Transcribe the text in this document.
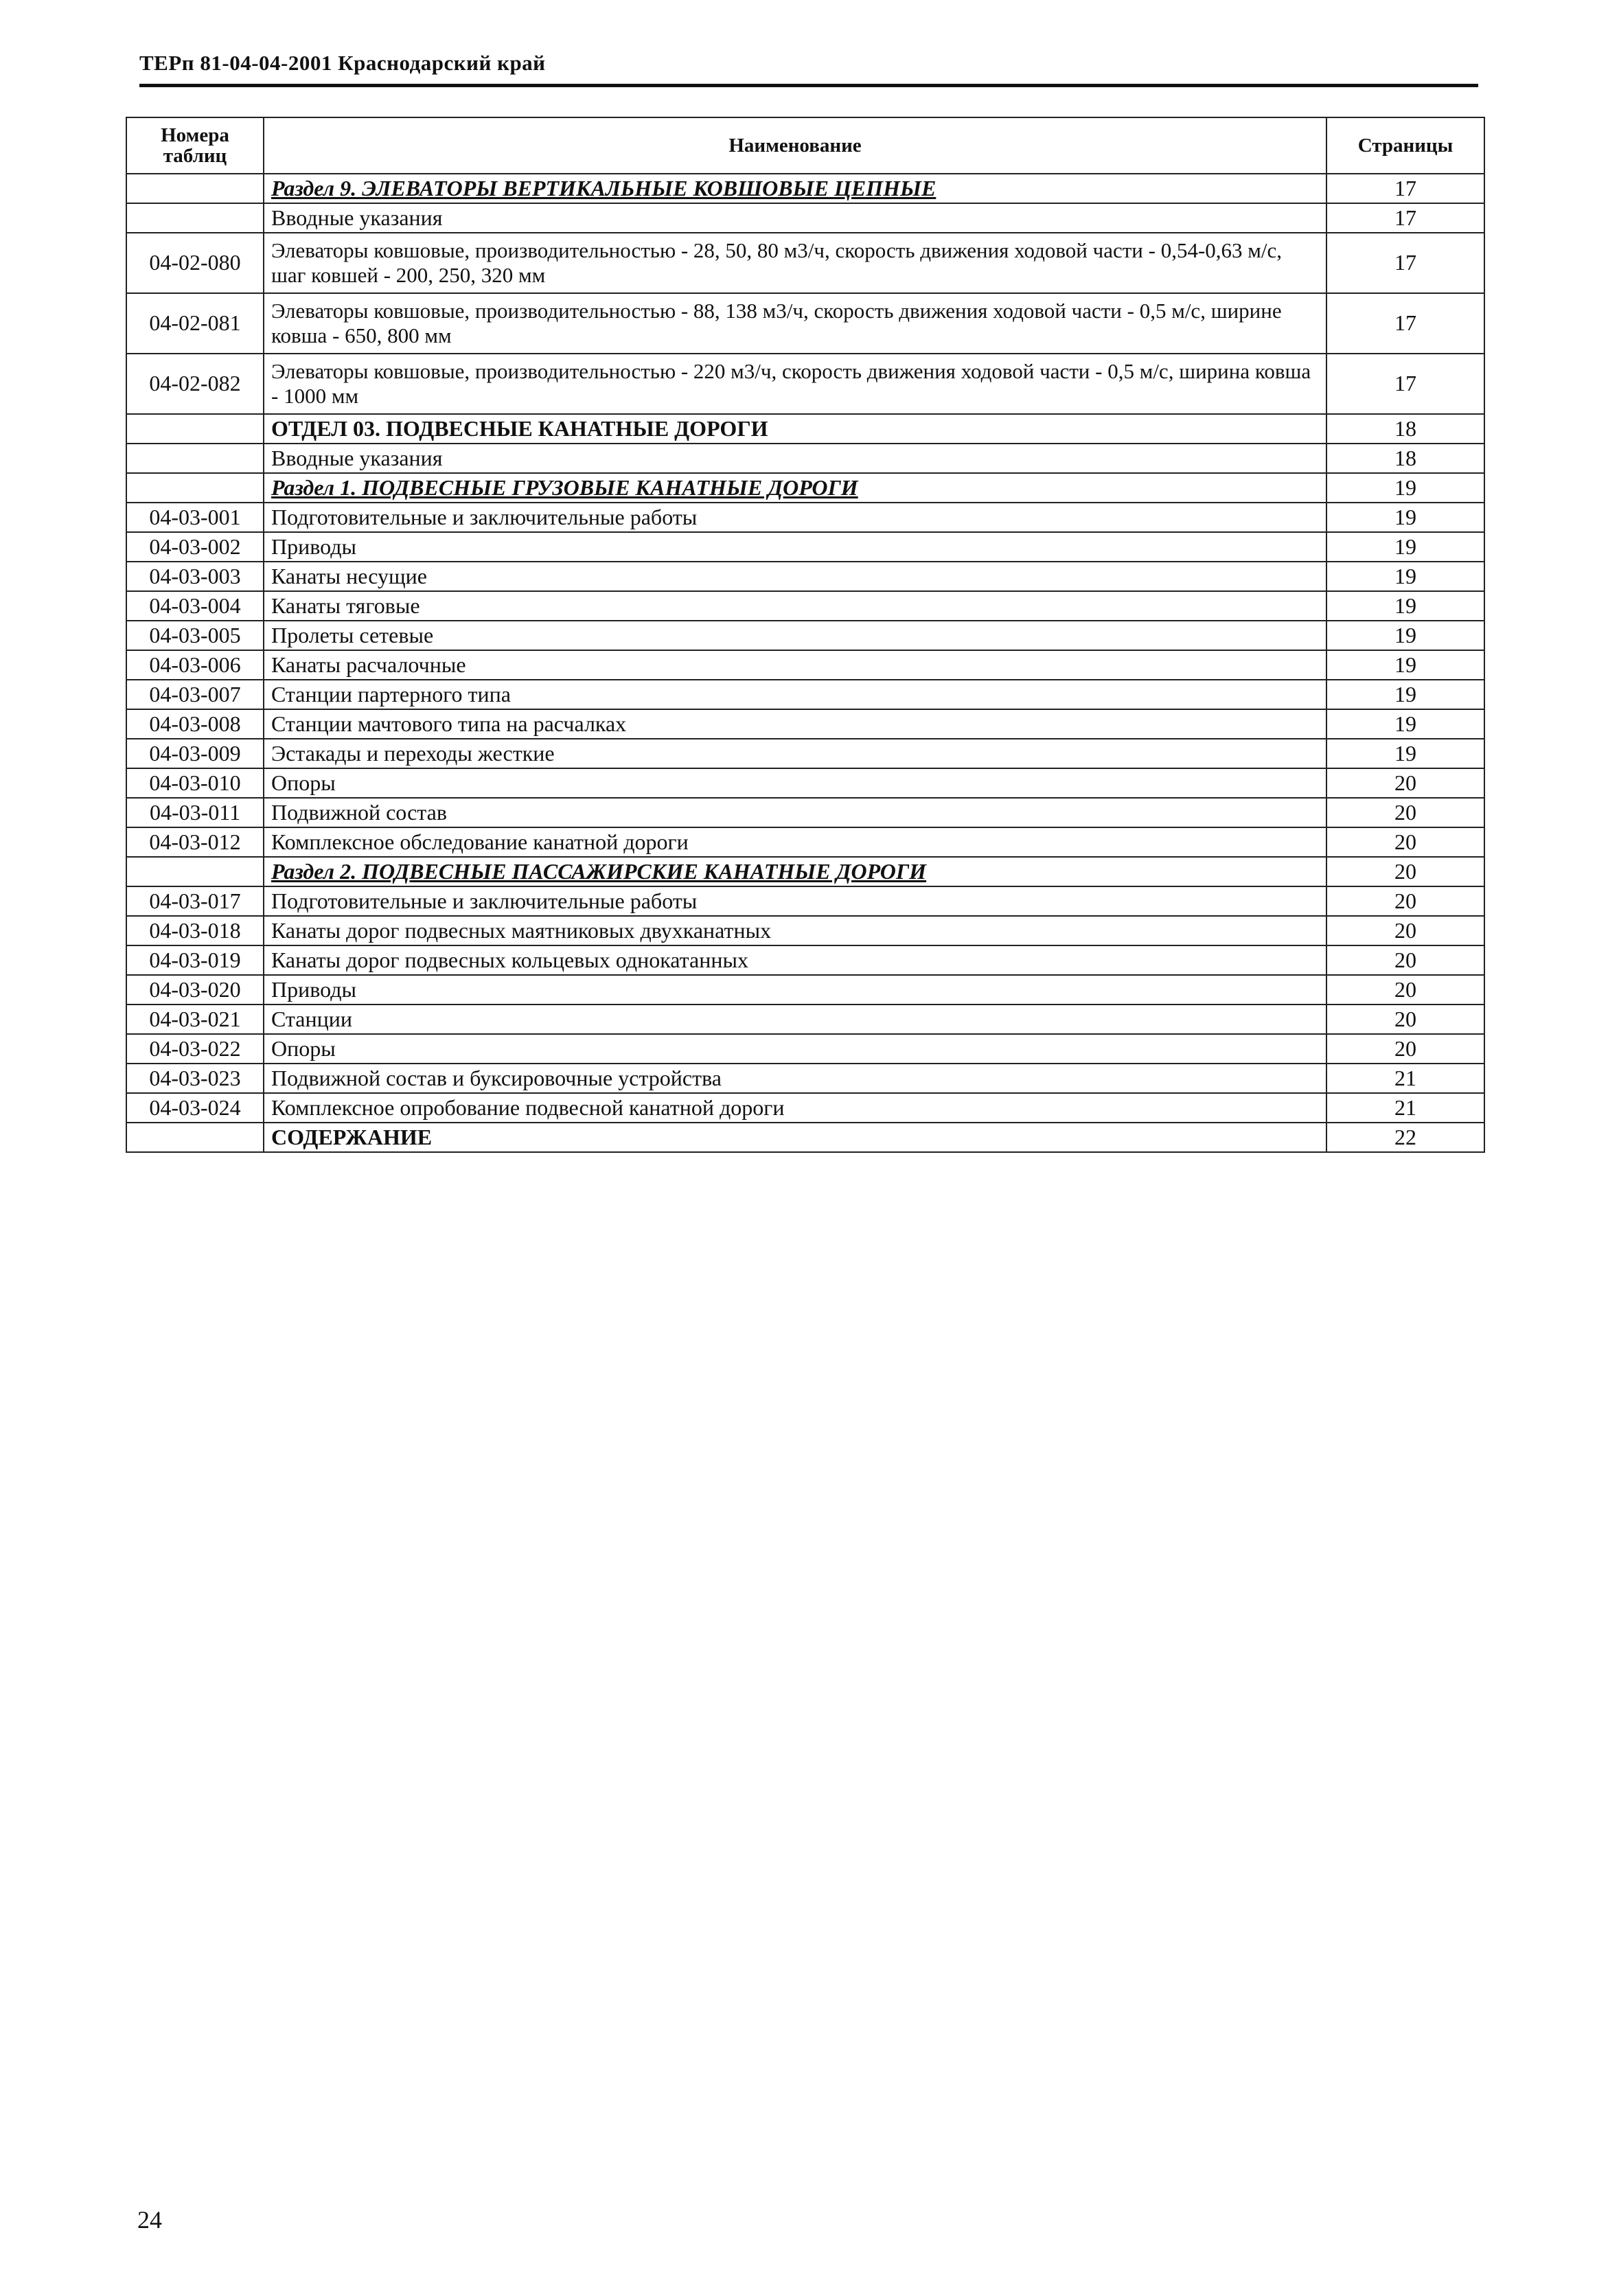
ТЕРп 81-04-04-2001 Краснодарский край
Номера таблиц	Наименование	Страницы
	Раздел 9. ЭЛЕВАТОРЫ ВЕРТИКАЛЬНЫЕ КОВШОВЫЕ ЦЕПНЫЕ	17
	Вводные указания	17
04-02-080	Элеваторы ковшовые, производительностью - 28, 50, 80 м3/ч, скорость движения ходовой части - 0,54-0,63 м/с, шаг ковшей - 200, 250, 320 мм	17
04-02-081	Элеваторы ковшовые, производительностью - 88, 138 м3/ч, скорость движения ходовой части - 0,5 м/с, ширине ковша - 650, 800 мм	17
04-02-082	Элеваторы ковшовые, производительностью - 220 м3/ч, скорость движения ходовой части - 0,5 м/с, ширина ковша - 1000 мм	17
	ОТДЕЛ 03. ПОДВЕСНЫЕ КАНАТНЫЕ ДОРОГИ	18
	Вводные указания	18
	Раздел 1. ПОДВЕСНЫЕ ГРУЗОВЫЕ КАНАТНЫЕ ДОРОГИ	19
04-03-001	Подготовительные и заключительные работы	19
04-03-002	Приводы	19
04-03-003	Канаты несущие	19
04-03-004	Канаты тяговые	19
04-03-005	Пролеты сетевые	19
04-03-006	Канаты расчалочные	19
04-03-007	Станции партерного типа	19
04-03-008	Станции мачтового типа на расчалках	19
04-03-009	Эстакады и переходы жесткие	19
04-03-010	Опоры	20
04-03-011	Подвижной состав	20
04-03-012	Комплексное обследование канатной дороги	20
	Раздел 2. ПОДВЕСНЫЕ ПАССАЖИРСКИЕ КАНАТНЫЕ ДОРОГИ	20
04-03-017	Подготовительные и заключительные работы	20
04-03-018	Канаты дорог подвесных маятниковых двухканатных	20
04-03-019	Канаты дорог подвесных кольцевых однокатанных	20
04-03-020	Приводы	20
04-03-021	Станции	20
04-03-022	Опоры	20
04-03-023	Подвижной состав и буксировочные устройства	21
04-03-024	Комплексное опробование подвесной канатной дороги	21
	СОДЕРЖАНИЕ	22
24
